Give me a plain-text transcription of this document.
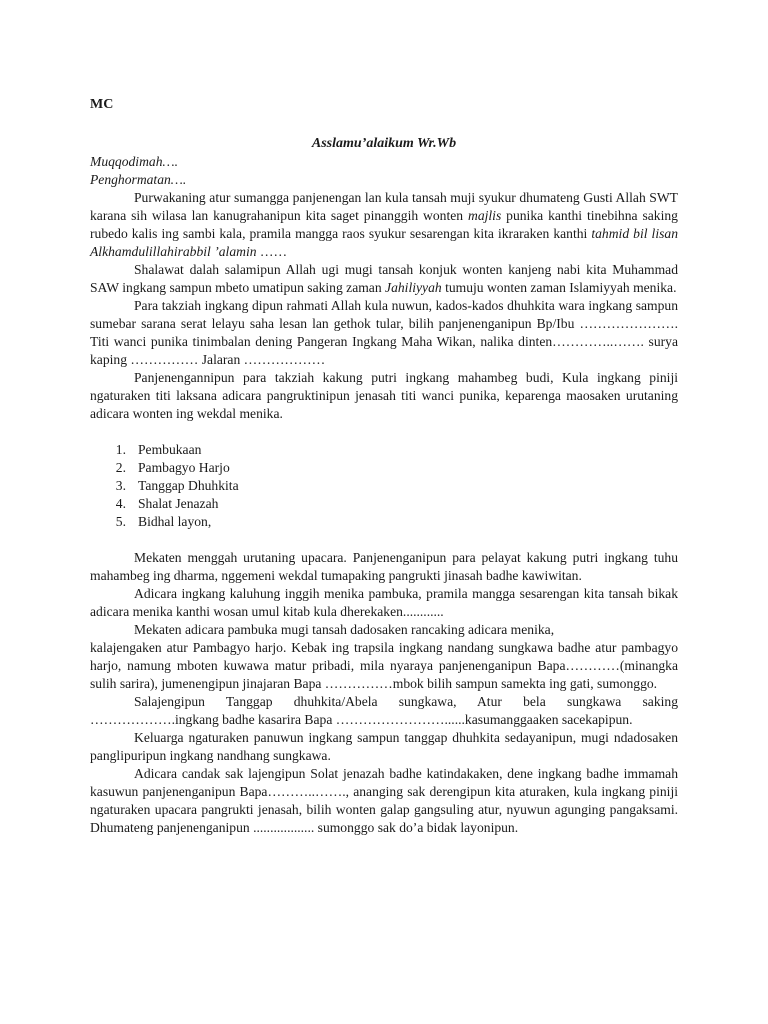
MC
Asslamu’alaikum Wr.Wb
Muqqodimah….
Penghormatan….

Purwakaning atur sumangga panjenengan lan kula tansah muji syukur dhumateng Gusti Allah SWT karana sih wilasa lan kanugrahanipun kita saget pinanggih wonten majlis punika kanthi tinebihna saking rubedo kalis ing sambi kala, pramila mangga raos syukur sesarengan kita ikraraken kanthi tahmid bil lisan Alkhamdulillahirabbil ’alamin ……

Shalawat dalah salamipun Allah ugi mugi tansah konjuk wonten kanjeng nabi kita Muhammad SAW ingkang sampun mbeto umatipun saking zaman Jahiliyyah tumuju wonten zaman Islamiyyah menika.

Para takziah ingkang dipun rahmati Allah kula nuwun, kados-kados dhuhkita wara ingkang sampun sumebar sarana serat lelayu saha lesan lan gethok tular, bilih panjenenganipun Bp/Ibu …………………. Titi wanci punika tinimbalan dening Pangeran Ingkang Maha Wikan, nalika dinten…………..……. surya kaping …………… Jalaran ………………

Panjenengannipun para takziah kakung putri ingkang mahambeg budi, Kula ingkang piniji ngaturaken titi laksana adicara pangruktinipun jenasah titi wanci punika, keparenga maosaken urutaning adicara wonten ing wekdal menika.

1. Pembukaan
2. Pambagyo Harjo
3. Tanggap Dhuhkita
4. Shalat Jenazah
5. Bidhal layon,

Mekaten menggah urutaning upacara. Panjenenganipun para pelayat kakung putri ingkang tuhu mahambeg ing dharma, nggemeni wekdal tumapaking pangrukti jinasah badhe kawiwitan.

Adicara ingkang kaluhung inggih menika pambuka, pramila mangga sesarengan kita tansah bikak adicara menika kanthi wosan umul kitab kula dherekaken............

Mekaten adicara pambuka mugi tansah dadosaken rancaking adicara menika,

kalajengaken atur Pambagyo harjo. Kebak ing trapsila ingkang nandang sungkawa badhe atur pambagyo harjo, namung mboten kuwawa matur pribadi, mila nyaraya panjenenganipun Bapa…………(minangka sulih sarira), jumenengipun jinajaran Bapa ……………mbok bilih sampun samekta ing gati, sumonggo.

Salajengipun Tanggap dhuhkita/Abela sungkawa, Atur bela sungkawa saking ……………….ingkang badhe kasarira Bapa ……………………......kasumanggaaken sacekapipun.

Keluarga ngaturaken panuwun ingkang sampun tanggap dhuhkita sedayanipun, mugi ndadosaken panglipuripun ingkang nandhang sungkawa.

Adicara candak sak lajengipun Solat jenazah badhe katindakaken, dene ingkang badhe immamah kasuwun panjenenganipun Bapa………..……., ananging sak derengipun kita aturaken, kula ingkang piniji ngaturaken upacara pangrukti jenasah, bilih wonten galap gangsuling atur, nyuwun agunging pangaksami. Dhumateng panjenenganipun .................. sumonggo sak do’a bidak layonipun.
